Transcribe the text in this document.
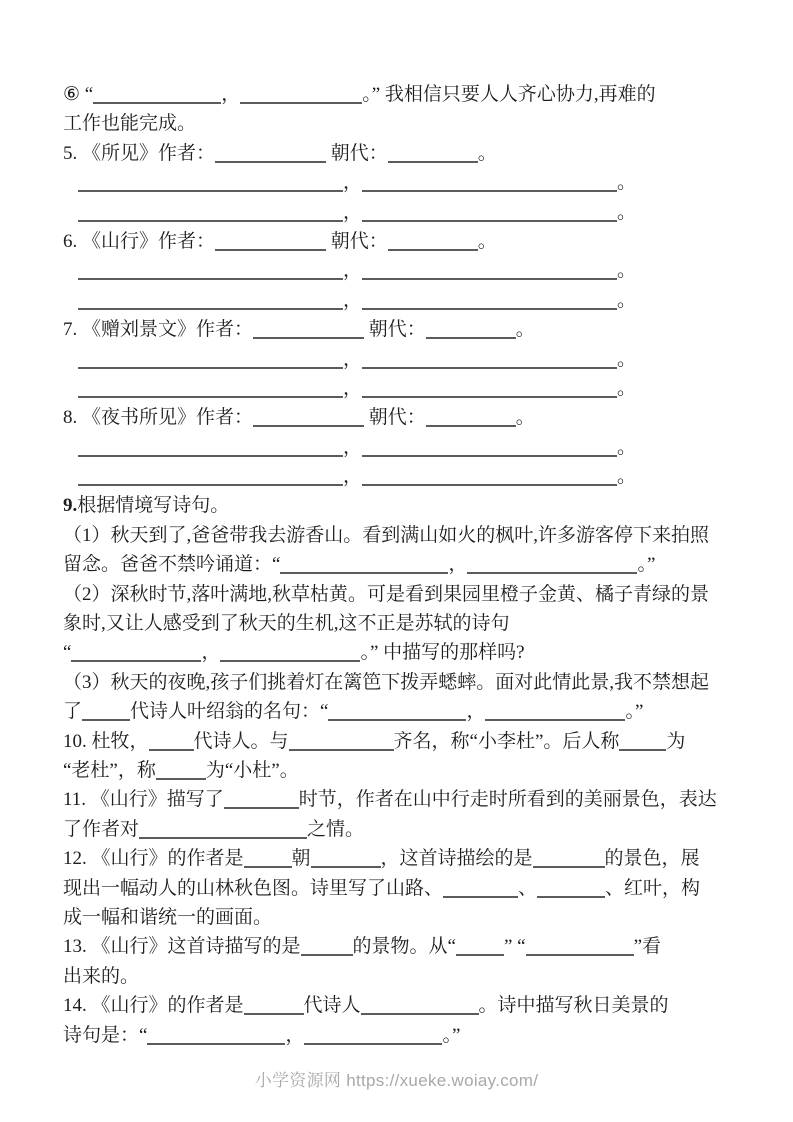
⑥ “	，	。” 我相信只要人人齐心协力,再难的
工作也能完成。
5. 《所见》作者：	朝代：	。
，	。
，	。
6. 《山行》作者：	朝代：	。
，	。
，	。
7. 《赠刘景文》作者：	朝代：	。
，	。
，	。
8. 《夜书所见》作者：	朝代：	。
，	。
，	。
9.根据情境写诗句。
（1）秋天到了,爸爸带我去游香山。看到满山如火的枫叶,许多游客停下来拍照
留念。爸爸不禁吟诵道：“	，	。”
（2）深秋时节,落叶满地,秋草枯黄。可是看到果园里橙子金黄、橘子青绿的景
象时,又让人感受到了秋天的生机,这不正是苏轼的诗句
“	，	。” 中描写的那样吗?
（3）秋天的夜晚,孩子们挑着灯在篱笆下拨弄蟋蟀。面对此情此景,我不禁想起
了	代诗人叶绍翁的名句：“	，	。”
10. 杜牧， 代诗人。与	齐名，称“小李杜”。后人称 为
“老杜”，称	为“小杜”。
11. 《山行》描写了	时节，作者在山中行走时所看到的美丽景色，表达
了作者对	之情。
12. 《山行》的作者是	朝	，这首诗描绘的是	的景色，展
现出一幅动人的山林秋色图。诗里写了山路、	、	、红叶，构
成一幅和谐统一的画面。
13. 《山行》这首诗描写的是	的景物。从“	” “	”看
出来的。
14. 《山行》的作者是	代诗人	。诗中描写秋日美景的
诗句是：“	，	。”
小学资源网 https://xueke.woiay.com/
